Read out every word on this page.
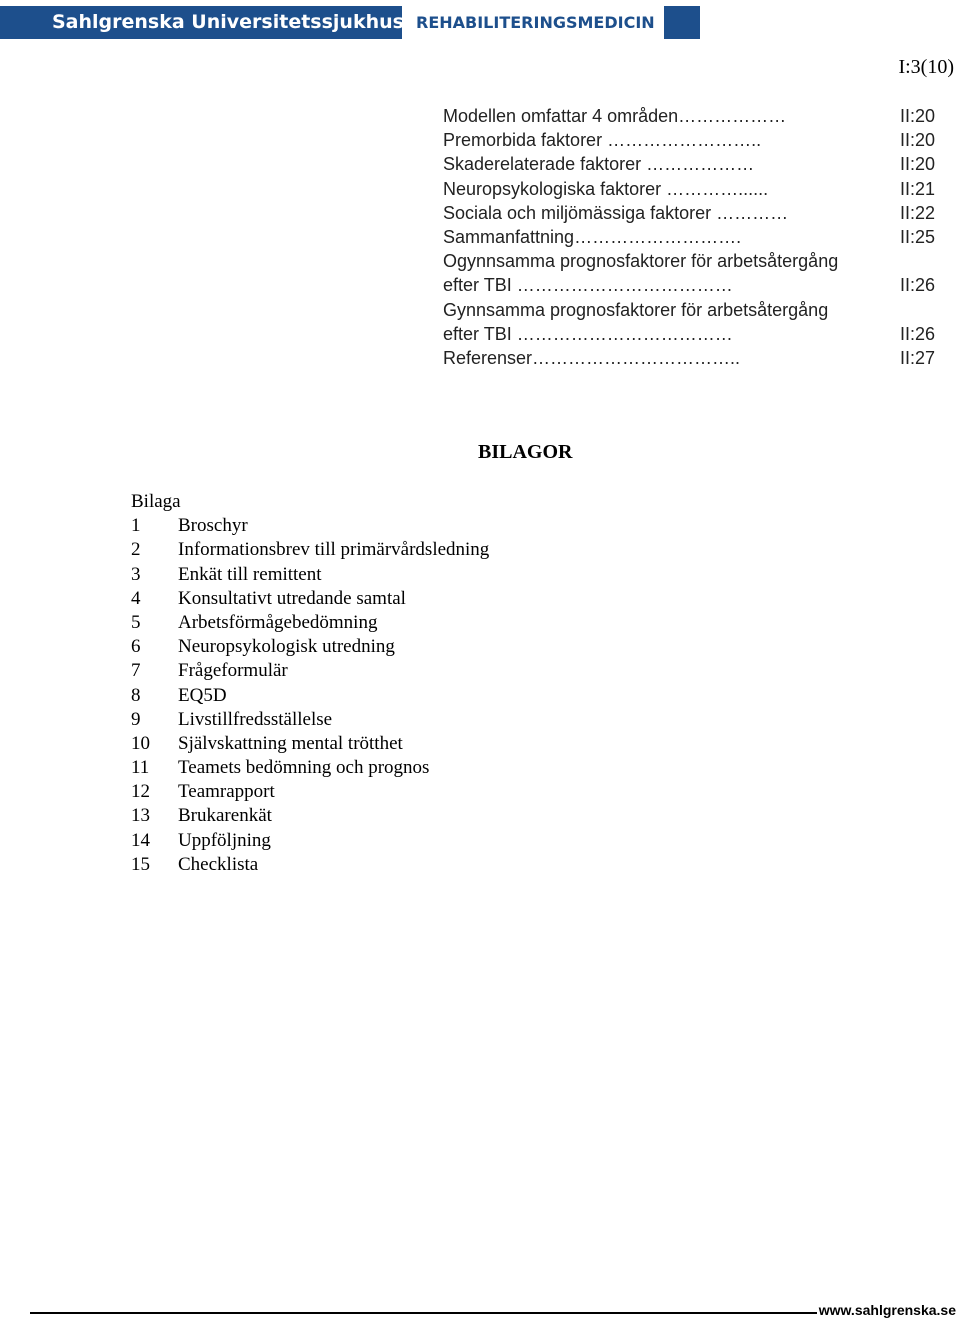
Sahlgrenska Universitetssjukhuset
REHABILITERINGSMEDICIN
I:3(10)
Modellen omfattar 4 områden………………	II:20
Premorbida faktorer ……………………..	II:20
Skaderelaterade faktorer ………………	II:20
Neuropsykologiska faktorer …………......	II:21
Sociala och miljömässiga faktorer …………	II:22
Sammanfattning……………………….	II:25
Ogynnsamma prognosfaktorer för arbetsåtergång
efter TBI ………………………………	II:26
Gynnsamma prognosfaktorer för arbetsåtergång
efter TBI ………………………………	II:26
Referenser……………………………..	II:27
BILAGOR
Bilaga
1 Broschyr
2 Informationsbrev till primärvårdsledning
3 Enkät till remittent
4 Konsultativt utredande samtal
5 Arbetsförmågebedömning
6 Neuropsykologisk utredning
7 Frågeformulär
8 EQ5D
9 Livstillfredsställelse
10 Självskattning mental trötthet
11 Teamets bedömning och prognos
12 Teamrapport
13 Brukarenkät
14 Uppföljning
15 Checklista
www.sahlgrenska.se
